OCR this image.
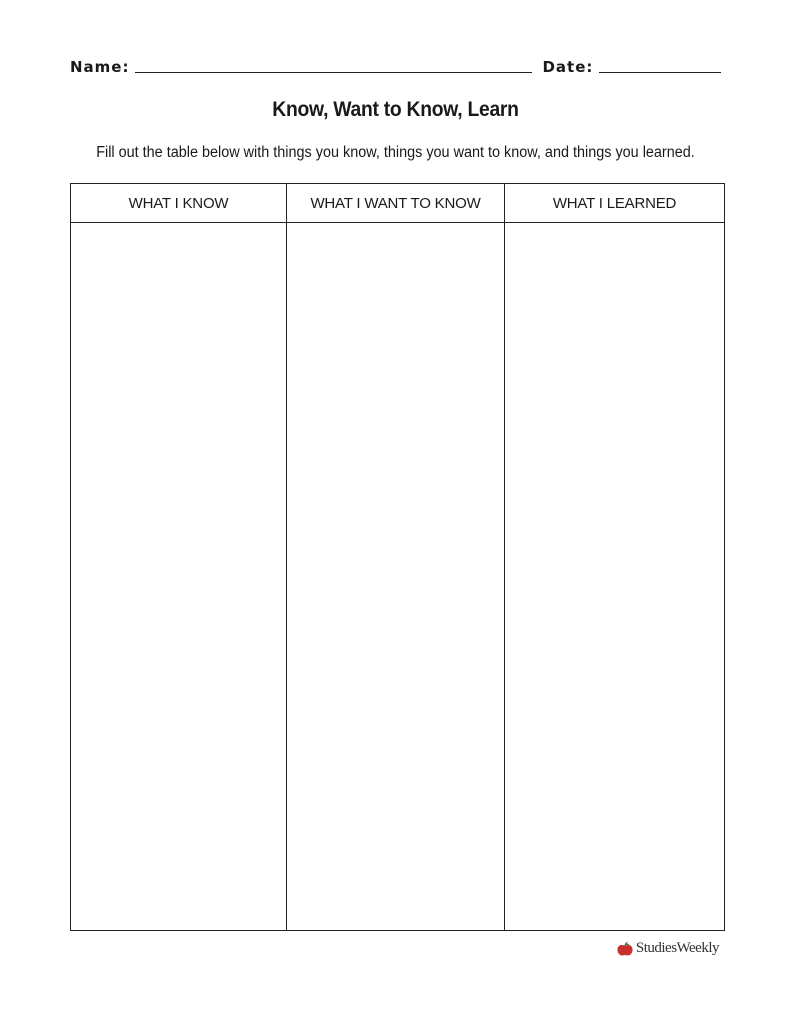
Name:	Date:
Know, Want to Know, Learn
Fill out the table below with things you know, things you want to know, and things you learned.
WHAT I KNOW	WHAT I WANT TO KNOW	WHAT I LEARNED

StudiesWeekly
